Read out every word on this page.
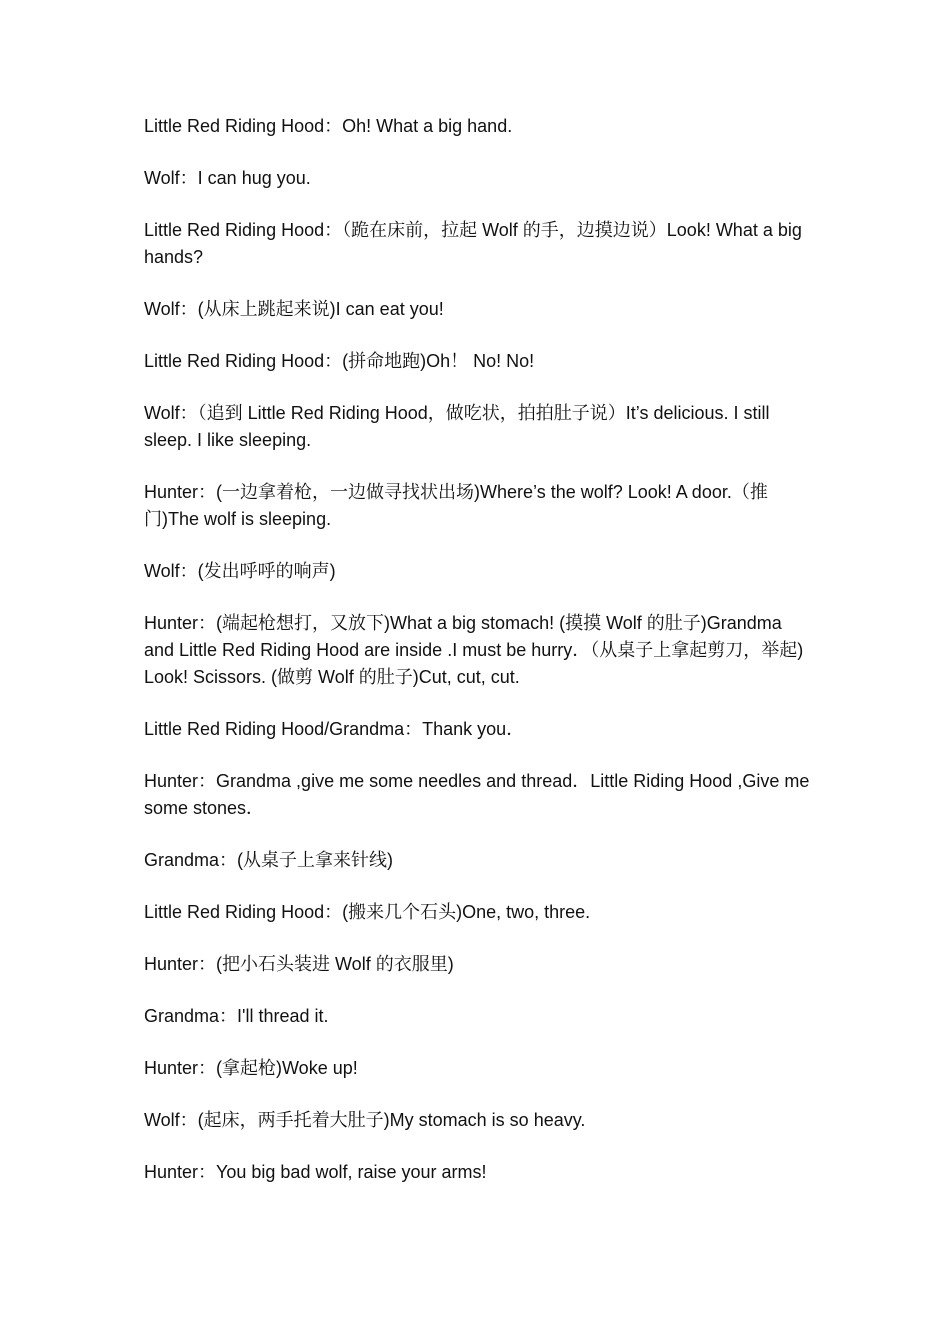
Little Red Riding Hood：Oh! What a big hand.

Wolf：I can hug you.

Little Red Riding Hood：（跪在床前，拉起 Wolf 的手，边摸边说）Look! What a big hands?

Wolf：(从床上跳起来说)I can eat you!

Little Red Riding Hood：(拼命地跑)Oh！ No! No!

Wolf：（追到 Little Red Riding Hood，做吃状，拍拍肚子说）It’s delicious. I still sleep. I like sleeping.

Hunter：(一边拿着枪，一边做寻找状出场)Where’s the wolf? Look! A door.（推门)The wolf is sleeping.

Wolf：(发出呼呼的响声)

Hunter：(端起枪想打，又放下)What a big stomach! (摸摸 Wolf 的肚子)Grandma and Little Red Riding Hood are inside .I must be hurry．（从桌子上拿起剪刀，举起) Look! Scissors. (做剪 Wolf 的肚子)Cut, cut, cut.

Little Red Riding Hood/Grandma：Thank you．

Hunter：Grandma ,give me some needles and thread．Little Riding Hood ,Give me some stones．

Grandma：(从桌子上拿来针线)

Little Red Riding Hood：(搬来几个石头)One, two, three.

Hunter：(把小石头装进 Wolf 的衣服里)

Grandma：I'll thread it.

Hunter：(拿起枪)Woke up!

Wolf：(起床，两手托着大肚子)My stomach is so heavy.

Hunter：You big bad wolf, raise your arms!
